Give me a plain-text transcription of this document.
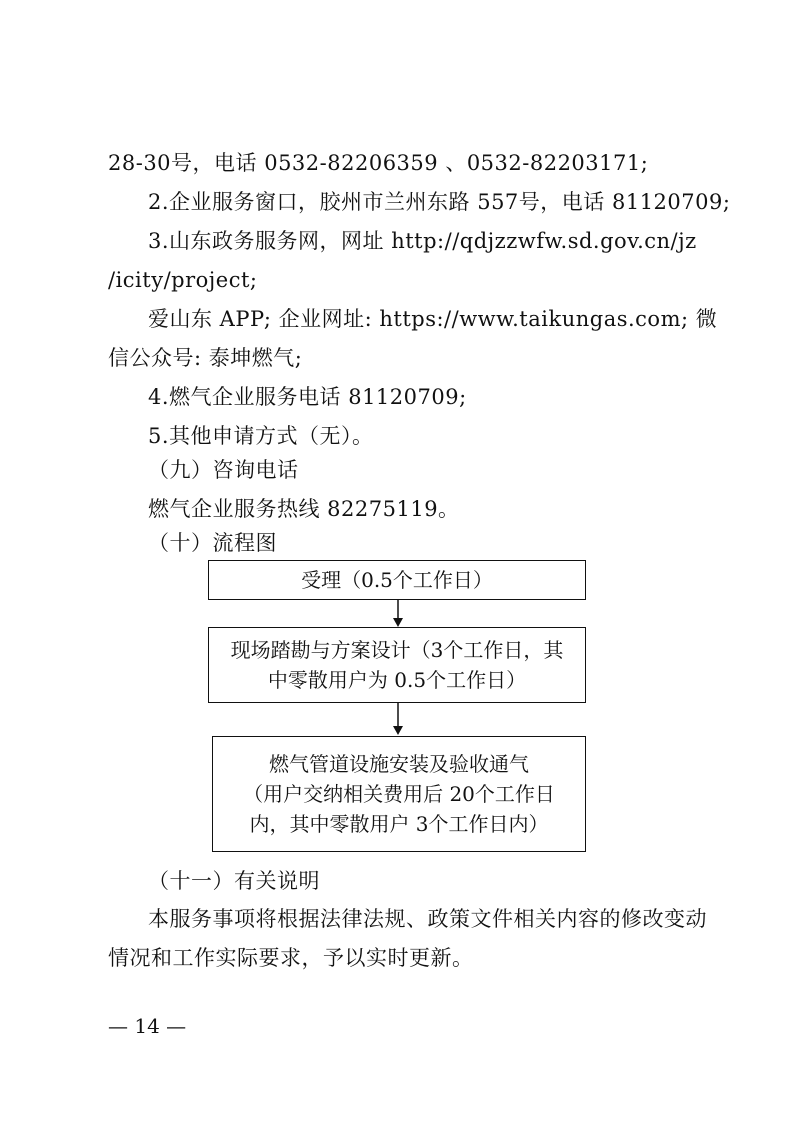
28-30号，电话 0532-82206359 、0532-82203171;
2.企业服务窗口，胶州市兰州东路 557号，电话 81120709;
3.山东政务服务网，网址 http://qdjzzwfw.sd.gov.cn/jz
/icity/project;
爱山东 APP; 企业网址: https://www.taikungas.com; 微
信公众号: 泰坤燃气;
4.燃气企业服务电话 81120709;
5.其他申请方式（无）。
（九）咨询电话
燃气企业服务热线 82275119。
（十）流程图
受理（0.5个工作日）
现场踏勘与方案设计（3个工作日，其
中零散用户为 0.5个工作日）
燃气管道设施安装及验收通气
（用户交纳相关费用后 20个工作日
内，其中零散用户 3个工作日内）
（十一）有关说明
本服务事项将根据法律法规、政策文件相关内容的修改变动
情况和工作实际要求，予以实时更新。
— 14 —
